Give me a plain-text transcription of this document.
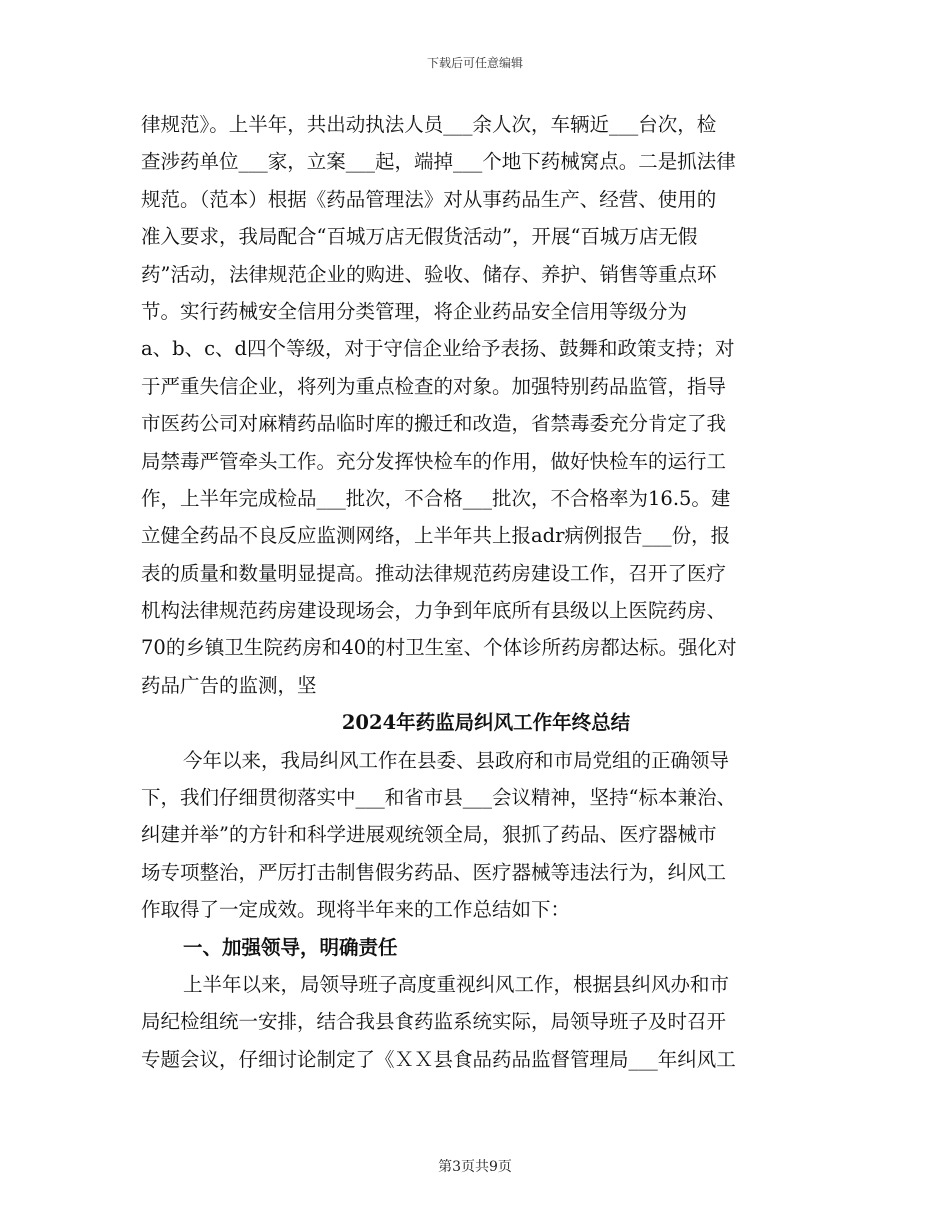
下载后可任意编辑
律规范》。上半年，共出动执法人员___余人次，车辆近___台次，检
查涉药单位___家，立案___起，端掉___个地下药械窝点。二是抓法律
规范。（范本）根据《药品管理法》对从事药品生产、经营、使用的
准入要求，我局配合“百城万店无假货活动”，开展“百城万店无假
药”活动，法律规范企业的购进、验收、储存、养护、销售等重点环
节。实行药械安全信用分类管理，将企业药品安全信用等级分为
a、b、c、d四个等级，对于守信企业给予表扬、鼓舞和政策支持；对
于严重失信企业，将列为重点检查的对象。加强特别药品监管，指导
市医药公司对麻精药品临时库的搬迁和改造，省禁毒委充分肯定了我
局禁毒严管牵头工作。充分发挥快检车的作用，做好快检车的运行工
作，上半年完成检品___批次，不合格___批次，不合格率为16.5。建
立健全药品不良反应监测网络，上半年共上报adr病例报告___份，报
表的质量和数量明显提高。推动法律规范药房建设工作，召开了医疗
机构法律规范药房建设现场会，力争到年底所有县级以上医院药房、
70的乡镇卫生院药房和40的村卫生室、个体诊所药房都达标。强化对
药品广告的监测，坚
2024年药监局纠风工作年终总结
今年以来，我局纠风工作在县委、县政府和市局党组的正确领导
下，我们仔细贯彻落实中___和省市县___会议精神，坚持“标本兼治、
纠建并举”的方针和科学进展观统领全局，狠抓了药品、医疗器械市
场专项整治，严厉打击制售假劣药品、医疗器械等违法行为，纠风工
作取得了一定成效。现将半年来的工作总结如下：
一、加强领导，明确责任
上半年以来，局领导班子高度重视纠风工作，根据县纠风办和市
局纪检组统一安排，结合我县食药监系统实际，局领导班子及时召开
专题会议，仔细讨论制定了《ＸＸ县食品药品监督管理局___年纠风工
第3页共9页
